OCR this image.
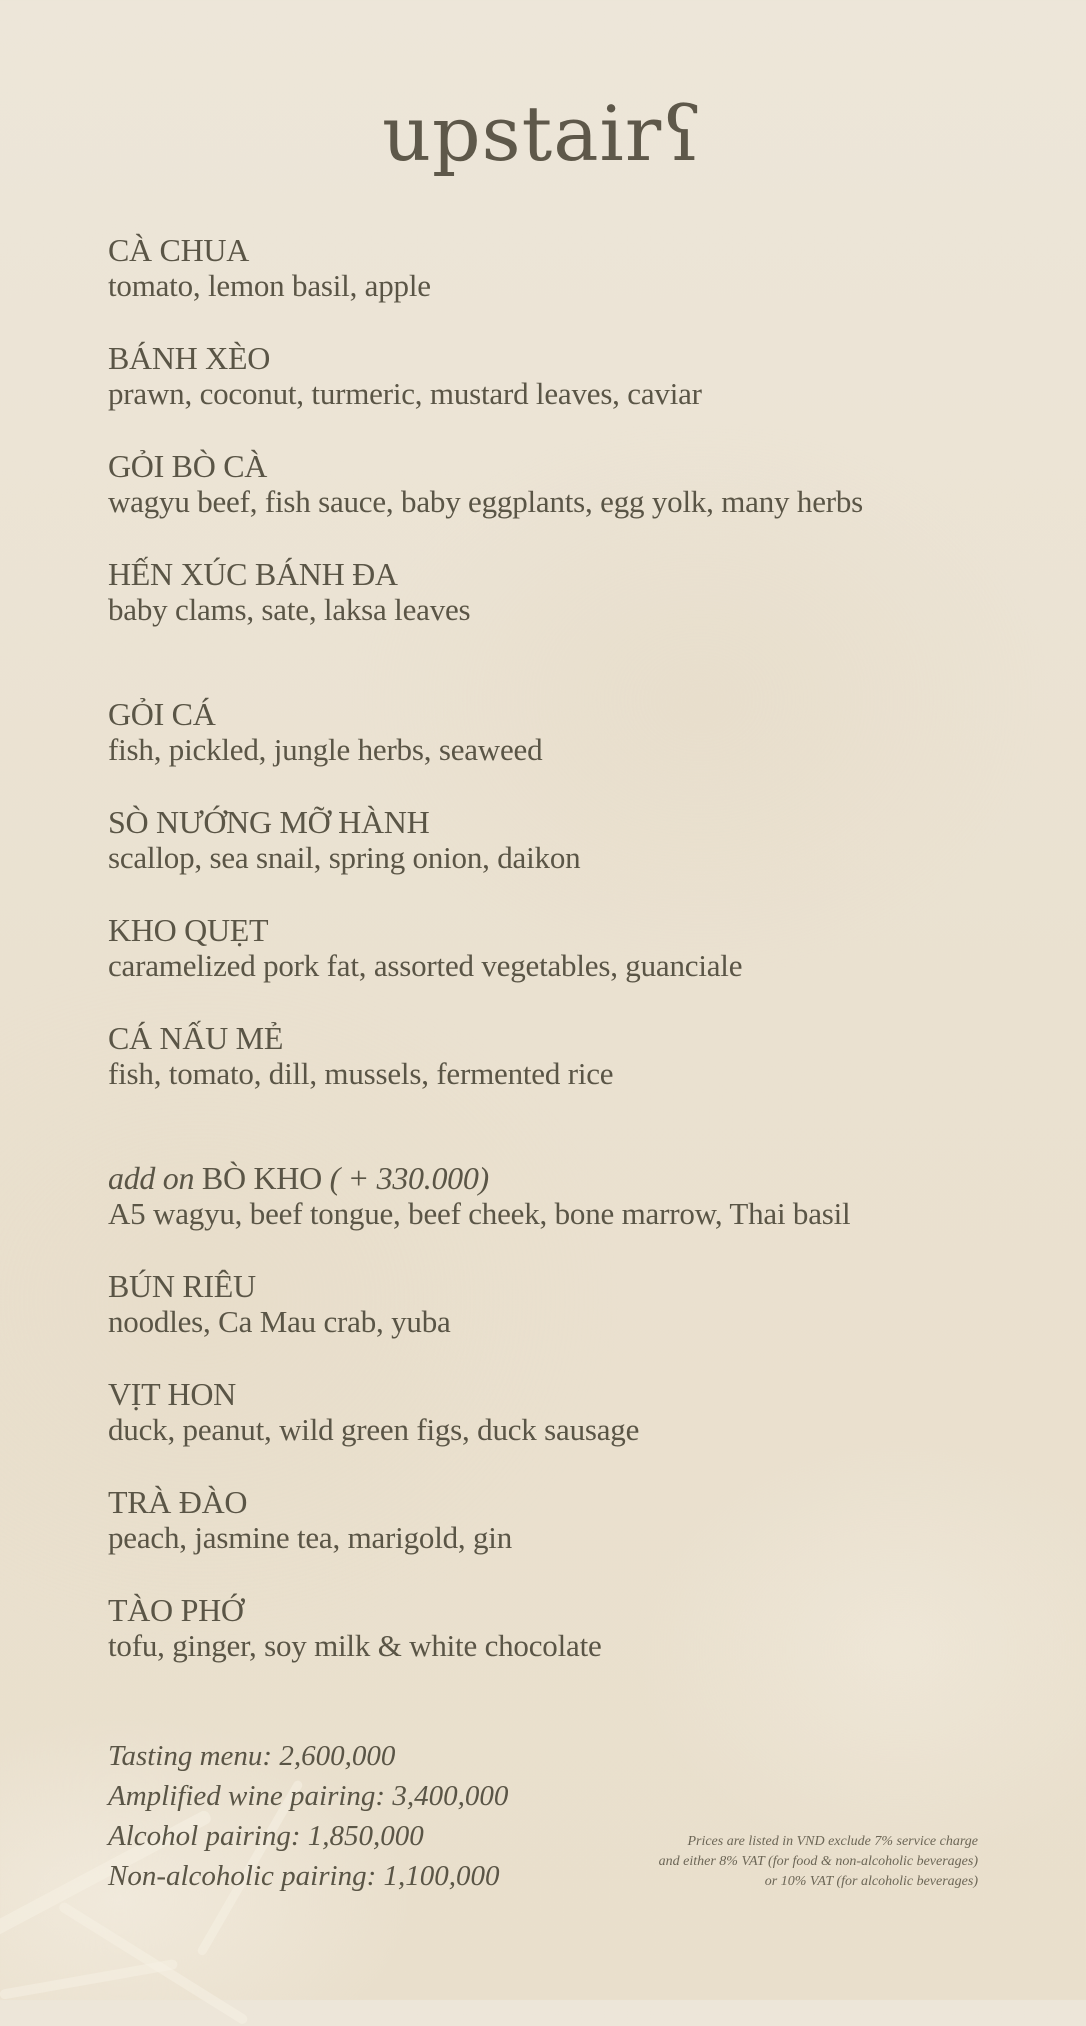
upstairʕ
CÀ CHUA
tomato, lemon basil, apple
BÁNH XÈO
prawn, coconut, turmeric, mustard leaves, caviar
GỎI BÒ CÀ
wagyu beef, fish sauce, baby eggplants, egg yolk, many herbs
HẾN XÚC BÁNH ĐA
baby clams, sate, laksa leaves
GỎI CÁ
fish, pickled, jungle herbs, seaweed
SÒ NƯỚNG MỠ HÀNH
scallop, sea snail, spring onion, daikon
KHO QUẸT
caramelized pork fat, assorted vegetables, guanciale
CÁ NẤU MẺ
fish, tomato, dill, mussels, fermented rice
add on BÒ KHO ( + 330.000)
A5 wagyu, beef tongue, beef cheek, bone marrow, Thai basil
BÚN RIÊU
noodles, Ca Mau crab, yuba
VỊT HON
duck, peanut, wild green figs, duck sausage
TRÀ ĐÀO
peach, jasmine tea, marigold, gin
TÀO PHỚ
tofu, ginger, soy milk & white chocolate
Tasting menu: 2,600,000
Amplified wine pairing: 3,400,000
Alcohol pairing: 1,850,000
Non-alcoholic pairing: 1,100,000
Prices are listed in VND exclude 7% service charge
and either 8% VAT (for food & non-alcoholic beverages)
or 10% VAT (for alcoholic beverages)
